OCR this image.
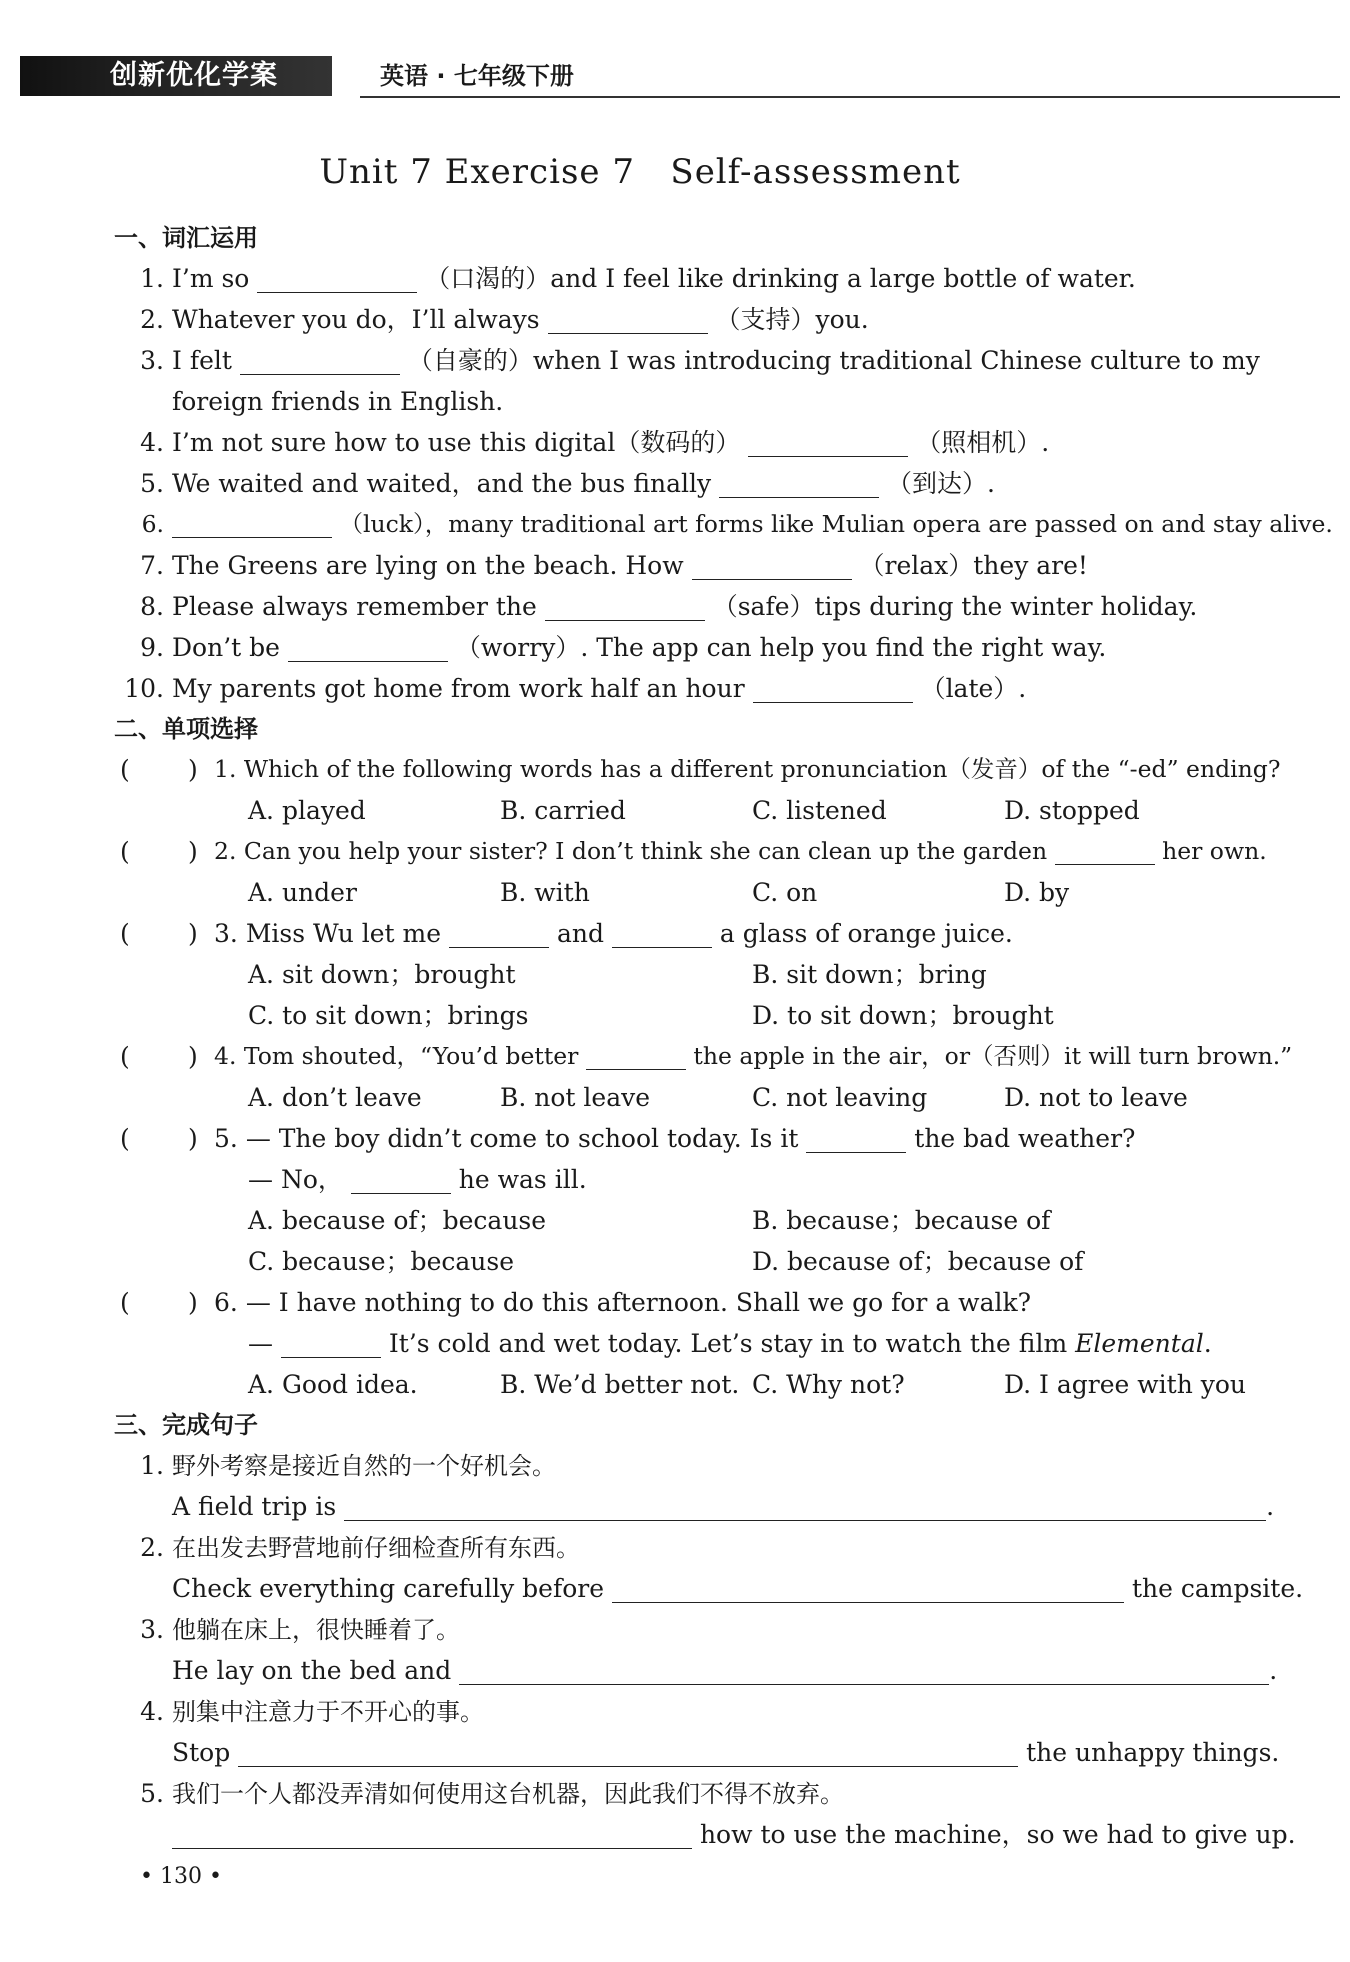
创新优化学案	英语 · 七年级下册
Unit 7 Exercise 7   Self-assessment
一、词汇运用
1. I’m so	（口渴的）and I feel like drinking a large bottle of water.
2. Whatever you do，I’ll always	（支持）you.
3. I felt	（自豪的）when I was introducing traditional Chinese culture to my
foreign friends in English.
4. I’m not sure how to use this digital（数码的）	（照相机）.
5. We waited and waited，and the bus finally	（到达）.
6.	（luck），many traditional art forms like Mulian opera are passed on and stay alive.
7. The Greens are lying on the beach. How	（relax）they are!
8. Please always remember the	（safe）tips during the winter holiday.
9. Don’t be	（worry）. The app can help you find the right way.
10. My parents got home from work half an hour	（late）.
二、单项选择
( ) 1. Which of the following words has a different pronunciation（发音）of the “-ed” ending?
A. played	B. carried	C. listened	D. stopped
( ) 2. Can you help your sister? I don’t think she can clean up the garden	her own.
A. under	B. with	C. on	D. by
( ) 3. Miss Wu let me	and	a glass of orange juice.
A. sit down；brought	B. sit down；bring
C. to sit down；brings	D. to sit down；brought
( ) 4. Tom shouted，“You’d better	the apple in the air，or（否则）it will turn brown.”
A. don’t leave	B. not leave	C. not leaving	D. not to leave
( ) 5. — The boy didn’t come to school today. Is it	the bad weather?
— No，	he was ill.
A. because of；because	B. because；because of
C. because；because	D. because of；because of
( ) 6. — I have nothing to do this afternoon. Shall we go for a walk?
—	It’s cold and wet today. Let’s stay in to watch the film Elemental.
A. Good idea.	B. We’d better not. C. Why not?	D. I agree with you
三、完成句子
1. 野外考察是接近自然的一个好机会。
A field trip is	.
2. 在出发去野营地前仔细检查所有东西。
Check everything carefully before	the campsite.
3. 他躺在床上，很快睡着了。
He lay on the bed and	.
4. 别集中注意力于不开心的事。
Stop	the unhappy things.
5. 我们一个人都没弄清如何使用这台机器，因此我们不得不放弃。
how to use the machine，so we had to give up.
• 130 •
